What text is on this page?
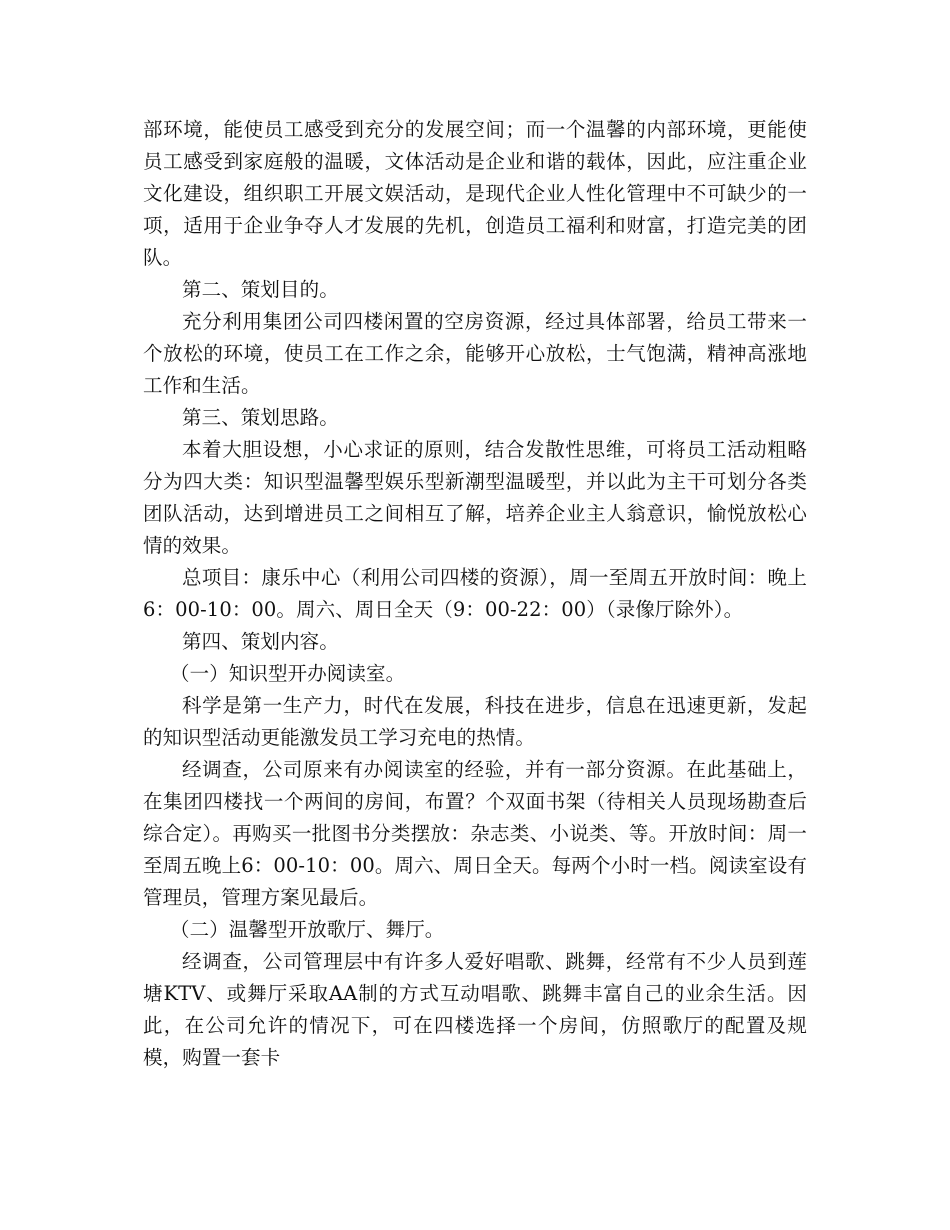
部环境，能使员工感受到充分的发展空间；而一个温馨的内部环境，更能使员工感受到家庭般的温暖，文体活动是企业和谐的载体，因此，应注重企业文化建设，组织职工开展文娱活动，是现代企业人性化管理中不可缺少的一项，适用于企业争夺人才发展的先机，创造员工福利和财富，打造完美的团队。

第二、策划目的。

充分利用集团公司四楼闲置的空房资源，经过具体部署，给员工带来一个放松的环境，使员工在工作之余，能够开心放松，士气饱满，精神高涨地工作和生活。

第三、策划思路。

本着大胆设想，小心求证的原则，结合发散性思维，可将员工活动粗略分为四大类：知识型温馨型娱乐型新潮型温暖型，并以此为主干可划分各类团队活动，达到增进员工之间相互了解，培养企业主人翁意识，愉悦放松心情的效果。

总项目：康乐中心（利用公司四楼的资源），周一至周五开放时间：晚上6：00-10：00。周六、周日全天（9：00-22：00）（录像厅除外）。

第四、策划内容。

（一）知识型开办阅读室。

科学是第一生产力，时代在发展，科技在进步，信息在迅速更新，发起的知识型活动更能激发员工学习充电的热情。

经调查，公司原来有办阅读室的经验，并有一部分资源。在此基础上，在集团四楼找一个两间的房间，布置？个双面书架（待相关人员现场勘查后综合定）。再购买一批图书分类摆放：杂志类、小说类、等。开放时间：周一至周五晚上6：00-10：00。周六、周日全天。每两个小时一档。阅读室设有管理员，管理方案见最后。

（二）温馨型开放歌厅、舞厅。

经调查，公司管理层中有许多人爱好唱歌、跳舞，经常有不少人员到莲塘KTV、或舞厅采取AA制的方式互动唱歌、跳舞丰富自己的业余生活。因此，在公司允许的情况下，可在四楼选择一个房间，仿照歌厅的配置及规模，购置一套卡
